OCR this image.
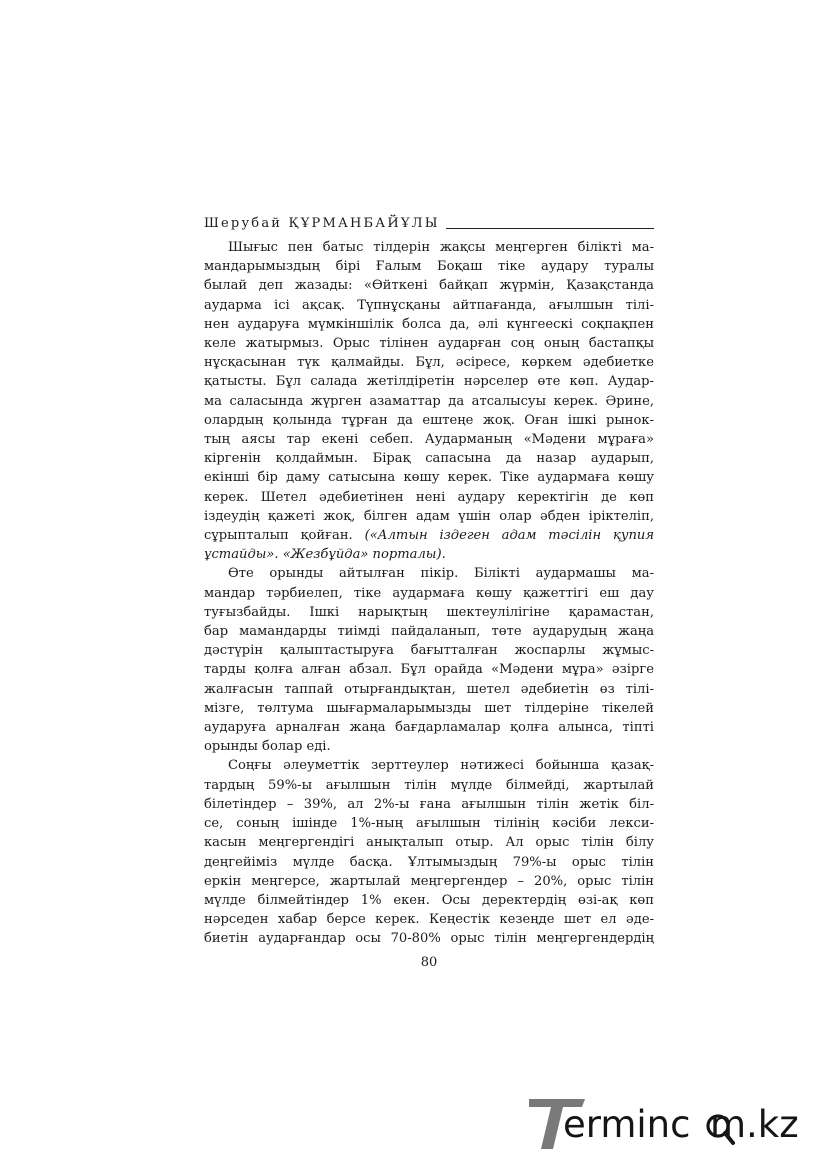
Шерубай ҚҰРМАНБАЙҰЛЫ
Шығыс пен батыс тілдерін жақсы меңгерген білікті ма-
мандарымыздың бірі Ғалым Боқаш тіке аудару туралы
былай деп жазады: «Өйткені байқап жүрмін, Қазақстанда
аударма ісі ақсақ. Түпнұсқаны айтпағанда, ағылшын тілі-
нен аударуға мүмкіншілік болса да, әлі күнгеескі соқпақпен
келе жатырмыз. Орыс тілінен аударған соң оның бастапқы
нұсқасынан түк қалмайды. Бұл, әсіресе, көркем әдебиетке
қатысты. Бұл салада жетілдіретін нәрселер өте көп. Аудар-
ма саласында жүрген азаматтар да атсалысуы керек. Әрине,
олардың қолында тұрған да ештеңе жоқ. Оған ішкі рынок-
тың аясы тар екені себеп. Аударманың «Мәдени мұраға»
кіргенін қолдаймын. Бірақ сапасына да назар аударып,
екінші бір даму сатысына көшу керек. Тіке аудармаға көшу
керек. Шетел әдебиетінен нені аудару керектігін де көп
іздеудің қажеті жоқ, білген адам үшін олар әбден іріктеліп,
сұрыпталып қойған. («Алтын іздеген адам тәсілін қупия
ұстайды». «Жезбұйда» порталы).
Өте орынды айтылған пікір. Білікті аудармашы ма-
мандар тәрбиелеп, тіке аудармаға көшу қажеттігі еш дау
туғызбайды. Ішкі нарықтың шектеулілігіне қарамастан,
бар мамандарды тиімді пайдаланып, төте аударудың жаңа
дәстүрін қалыптастыруға бағытталған жоспарлы жұмыс-
тарды қолға алған абзал. Бұл орайда «Мәдени мұра» әзірге
жалғасын таппай отырғандықтан, шетел әдебиетін өз тілі-
мізге, төлтума шығармаларымызды шет тілдеріне тікелей
аударуға арналған жаңа бағдарламалар қолға алынса, тіпті
орынды болар еді.
Соңғы әлеуметтік зерттеулер нәтижесі бойынша қазақ-
тардың 59%-ы ағылшын тілін мүлде білмейді, жартылай
білетіндер – 39%, ал 2%-ы ғана ағылшын тілін жетік біл-
се, соның ішінде 1%-ның ағылшын тілінің кәсіби лекси-
касын меңгергендігі анықталып отыр. Ал орыс тілін білу
деңгейіміз мүлде басқа. Ұлтымыздың 79%-ы орыс тілін
еркін меңгерсе, жартылай меңгергендер – 20%, орыс тілін
мүлде білмейтіндер 1% екен. Осы деректердің өзі-ақ көп
нәрседен хабар берсе керек. Кеңестік кезеңде шет ел әде-
биетін аударғандар осы 70-80% орыс тілін меңгергендердің
80
erminc m.kz
